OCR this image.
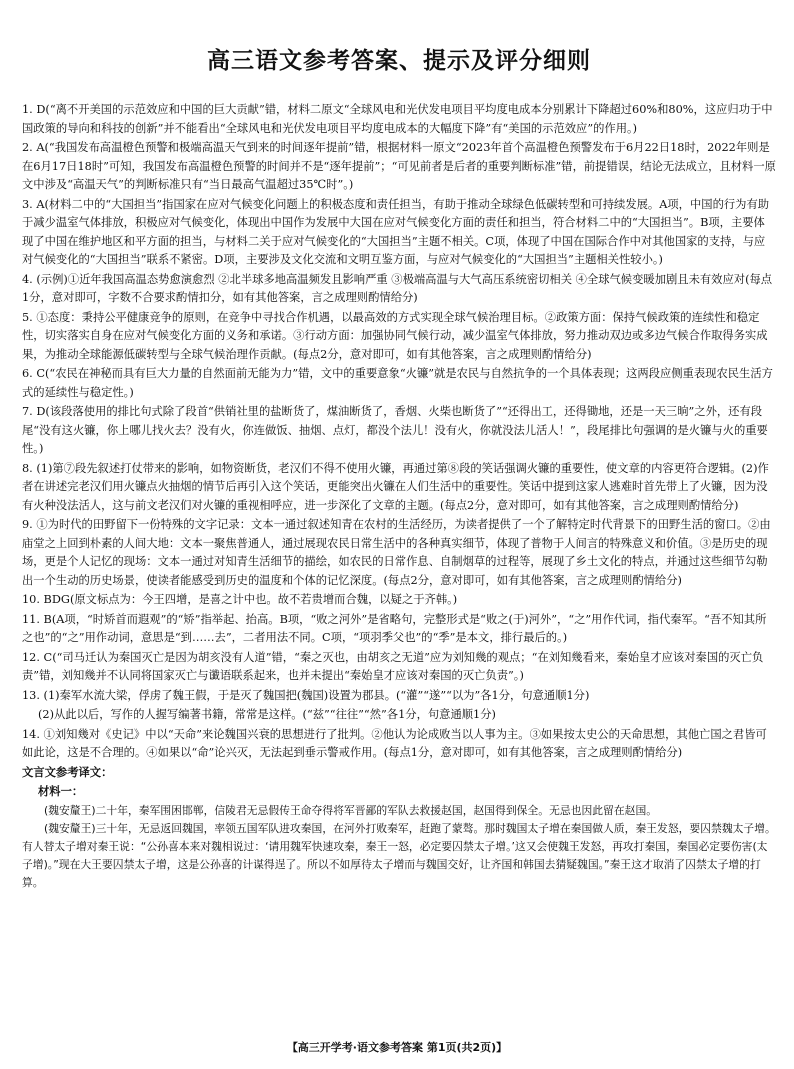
高三语文参考答案、提示及评分细则
1. D(“离不开美国的示范效应和中国的巨大贡献”错，材料二原文“全球风电和光伏发电项目平均度电成本分别累计下降超过60%和80%，这应归功于中国政策的导向和科技的创新”并不能看出“全球风电和光伏发电项目平均度电成本的大幅度下降”有“美国的示范效应”的作用。)
2. A(“我国发布高温橙色预警和极端高温天气到来的时间逐年提前”错，根据材料一原文“2023年首个高温橙色预警发布于6月22日18时，2022年则是在6月17日18时”可知，我国发布高温橙色预警的时间并不是“逐年提前”；“可见前者是后者的重要判断标准”错，前提错误，结论无法成立，且材料一原文中涉及“高温天气”的判断标准只有“当日最高气温超过35℃时”。)
3. A(材料二中的“大国担当”指国家在应对气候变化问题上的积极态度和责任担当，有助于推动全球绿色低碳转型和可持续发展。A项，中国的行为有助于减少温室气体排放，积极应对气候变化，体现出中国作为发展中大国在应对气候变化方面的责任和担当，符合材料二中的“大国担当”。B项，主要体现了中国在维护地区和平方面的担当，与材料二关于应对气候变化的“大国担当”主题不相关。C项，体现了中国在国际合作中对其他国家的支持，与应对气候变化的“大国担当”联系不紧密。D项，主要涉及文化交流和文明互鉴方面，与应对气候变化的“大国担当”主题相关性较小。)
4. (示例)①近年我国高温态势愈演愈烈 ②北半球多地高温频发且影响严重 ③极端高温与大气高压系统密切相关 ④全球气候变暖加剧且未有效应对(每点1分，意对即可，字数不合要求酌情扣分，如有其他答案，言之成理则酌情给分)
5. ①态度：秉持公平健康竞争的原则，在竞争中寻找合作机遇，以最高效的方式实现全球气候治理目标。②政策方面：保持气候政策的连续性和稳定性，切实落实自身在应对气候变化方面的义务和承诺。③行动方面：加强协同气候行动，减少温室气体排放，努力推动双边或多边气候合作取得务实成果，为推动全球能源低碳转型与全球气候治理作贡献。(每点2分，意对即可，如有其他答案，言之成理则酌情给分)
6. C(“农民在神秘而具有巨大力量的自然面前无能为力”错，文中的重要意象“火镰”就是农民与自然抗争的一个具体表现；这两段应侧重表现农民生活方式的延续性与稳定性。)
7. D(该段落使用的排比句式除了段首“供销社里的盐断货了，煤油断货了，香烟、火柴也断货了”“还得出工，还得锄地，还是一天三晌”之外，还有段尾“没有这火镰，你上哪儿找火去？没有火，你连做饭、抽烟、点灯，都没个法儿！没有火，你就没法儿活人！”，段尾排比句强调的是火镰与火的重要性。)
8. (1)第⑦段先叙述打仗带来的影响，如物资断货，老汉们不得不使用火镰，再通过第⑧段的笑话强调火镰的重要性，使文章的内容更符合逻辑。(2)作者在讲述完老汉们用火镰点火抽烟的情节后再引入这个笑话，更能突出火镰在人们生活中的重要性。笑话中提到这家人逃难时首先带上了火镰，因为没有火种没法活人，这与前文老汉们对火镰的重视相呼应，进一步深化了文章的主题。(每点2分，意对即可，如有其他答案，言之成理则酌情给分)
9. ①为时代的田野留下一份特殊的文字记录：文本一通过叙述知青在农村的生活经历，为读者提供了一个了解特定时代背景下的田野生活的窗口。②由庙堂之上回到朴素的人间大地：文本一聚焦普通人，通过展现农民日常生活中的各种真实细节，体现了普物于人间言的特殊意义和价值。③是历史的现场，更是个人记忆的现场：文本一通过对知青生活细节的描绘，如农民的日常作息、自制烟草的过程等，展现了乡土文化的特点，并通过这些细节勾勒出一个生动的历史场景，使读者能感受到历史的温度和个体的记忆深度。(每点2分，意对即可，如有其他答案，言之成理则酌情给分)
10. BDG(原文标点为：今王四增，是喜之计中也。故不若贵增而合魏，以疑之于齐韩。)
11. B(A项，“时矫首而遐观”的“矫”指举起、抬高。B项，“败之河外”是省略句，完整形式是“败之(于)河外”，“之”用作代词，指代秦军。“吾不知其所之也”的“之”用作动词，意思是“到……去”，二者用法不同。C项，“项羽季父也”的“季”是本文，排行最后的。)
12. C(“司马迁认为秦国灭亡是因为胡亥没有人道”错，“秦之灭也，由胡亥之无道”应为刘知幾的观点；“在刘知幾看来，秦始皇才应该对秦国的灭亡负责”错，刘知幾并不认同将国家灭亡与谶语联系起来，也并未提出“秦始皇才应该对秦国的灭亡负责”。)
13. (1)秦军水流大梁，俘虏了魏王假，于是灭了魏国把(魏国)设置为郡县。(“灌”“遂”“以为”各1分，句意通顺1分)
(2)从此以后，写作的人握写编著书籍，常常是这样。(“兹”“往往”“然”各1分，句意通顺1分)
14. ①刘知幾对《史记》中以“天命”来论魏国兴衰的思想进行了批判。②他认为论成败当以人事为主。③如果按太史公的天命思想，其他亡国之君皆可如此论，这是不合理的。④如果以“命”论兴灭，无法起到垂示警戒作用。(每点1分，意对即可，如有其他答案，言之成理则酌情给分)
文言文参考译文：
材料一：
(魏安釐王)二十年，秦军围困邯郸，信陵君无忌假传王命夺得将军晋鄙的军队去救援赵国，赵国得到保全。无忌也因此留在赵国。
(魏安釐王)三十年，无忌返回魏国，率领五国军队进攻秦国，在河外打败秦军，赶跑了蒙骜。那时魏国太子增在秦国做人质，秦王发怒，要囚禁魏太子增。有人替太子增对秦王说：“公孙喜本来对魏相说过：‘请用魏军快速攻秦，秦王一怒，必定要囚禁太子增。’这又会使魏王发怒，再攻打秦国，秦国必定要伤害(太子增)。”现在大王要囚禁太子增，这是公孙喜的计谋得逞了。所以不如厚待太子增而与魏国交好，让齐国和韩国去猜疑魏国。”秦王这才取消了囚禁太子增的打算。
【高三开学考·语文参考答案 第1页(共2页)】
